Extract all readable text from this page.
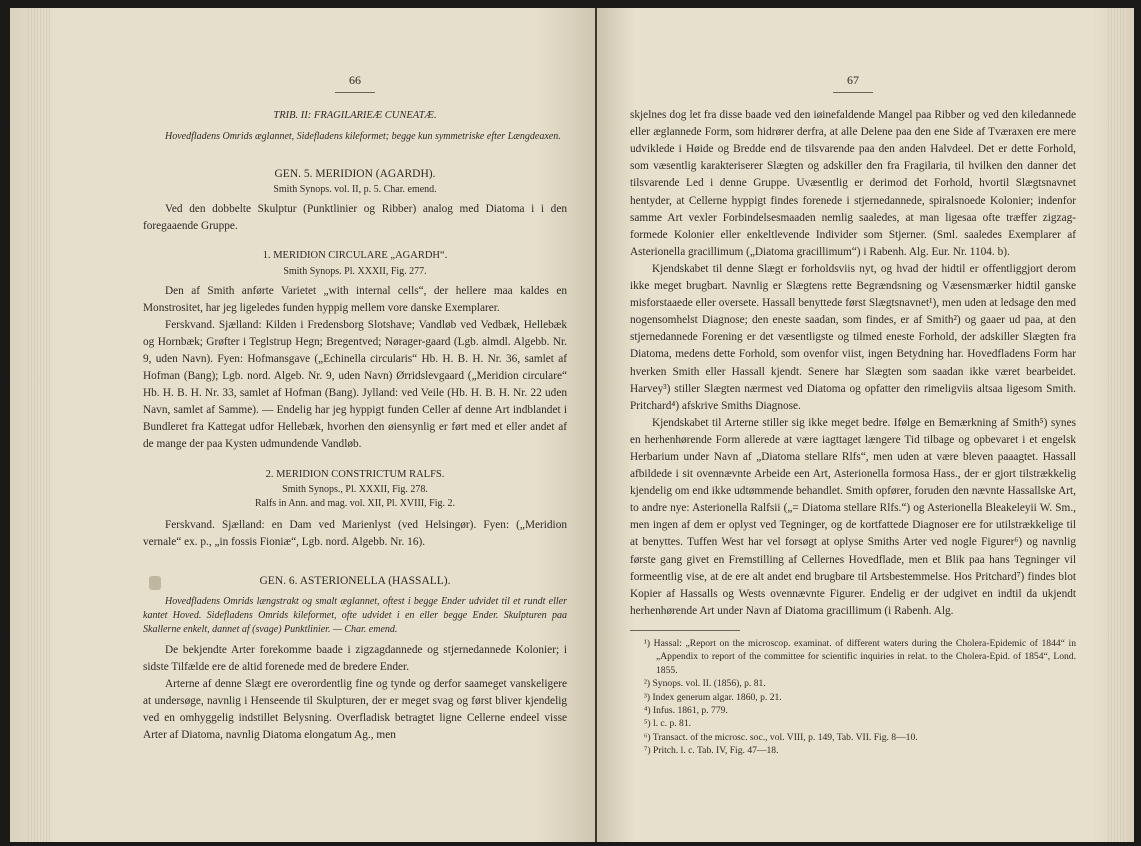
66
TRIB. II: FRAGILARIEÆ CUNEATÆ.

Hovedfladens Omrids æglannet, Sidefladens kileformet; begge kun symmetriske efter Længdeaxen.

GEN. 5. MERIDION (AGARDH).
Smith Synops. vol. II, p. 5. Char. emend.

Ved den dobbelte Skulptur (Punktlinier og Ribber) analog med Diatoma i i den foregaaende Gruppe.

1. MERIDION CIRCULARE „AGARDH“.
Smith Synops. Pl. XXXII, Fig. 277.

Den af Smith anførte Varietet „with internal cells“, der hellere maa kaldes en Monstrositet, har jeg ligeledes funden hyppig mellem vore danske Exemplarer.

Ferskvand. Sjælland: Kilden i Fredensborg Slotshave; Vandløb ved Vedbæk, Hellebæk og Hornbæk; Grøfter i Teglstrup Hegn; Bregentved; Nørager-gaard (Lgb. almdl. Algebb. Nr. 9, uden Navn). Fyen: Hofmansgave („Echinella circularis“ Hb. H. B. H. Nr. 36, samlet af Hofman (Bang); Lgb. nord. Algeb. Nr. 9, uden Navn) Ørridslevgaard („Meridion circulare“ Hb. H. B. H. Nr. 33, samlet af Hofman (Bang). Jylland: ved Veile (Hb. H. B. H. Nr. 22 uden Navn, samlet af Samme). — Endelig har jeg hyppigt funden Celler af denne Art indblandet i Bundleret fra Kattegat udfor Hellebæk, hvorhen den øiensynlig er ført med et eller andet af de mange der paa Kysten udmundende Vandløb.

2. MERIDION CONSTRICTUM RALFS.
Smith Synops., Pl. XXXII, Fig. 278.
Ralfs in Ann. and mag. vol. XII, Pl. XVIII, Fig. 2.

Ferskvand. Sjælland: en Dam ved Marienlyst (ved Helsingør). Fyen: („Meridion vernale“ ex. p., „in fossis Fioniæ“, Lgb. nord. Algebb. Nr. 16).

GEN. 6. ASTERIONELLA (HASSALL).

Hovedfladens Omrids længstrakt og smalt æglannet, oftest i begge Ender udvidet til et rundt eller kantet Hoved. Sidefladens Omrids kileformet, ofte udvidet i en eller begge Ender. Skulpturen paa Skallerne enkelt, dannet af (svage) Punktlinier. — Char. emend.

De bekjendte Arter forekomme baade i zigzagdannede og stjernedannede Kolonier; i sidste Tilfælde ere de altid forenede med de bredere Ender.

Arterne af denne Slægt ere overordentlig fine og tynde og derfor saameget vanskeligere at undersøge, navnlig i Henseende til Skulpturen, der er meget svag og først bliver kjendelig ved en omhyggelig indstillet Belysning. Overfladisk betragtet ligne Cellerne endeel visse Arter af Diatoma, navnlig Diatoma elongatum Ag., men

67

skjelnes dog let fra disse baade ved den iøinefaldende Mangel paa Ribber og ved den kiledannede eller æglannede Form, som hidrører derfra, at alle Delene paa den ene Side af Tværaxen ere mere udviklede i Høide og Bredde end de tilsvarende paa den anden Halvdeel. Det er dette Forhold, som væsentlig karakteriserer Slægten og adskiller den fra Fragilaria, til hvilken den danner det tilsvarende Led i denne Gruppe. Uvæsentlig er derimod det Forhold, hvortil Slægtsnavnet hentyder, at Cellerne hyppigt findes forenede i stjernedannede, spiralsnoede Kolonier; indenfor samme Art vexler Forbindelsesmaaden nemlig saaledes, at man ligesaa ofte træffer zigzag-formede Kolonier eller enkeltlevende Individer som Stjerner. (Sml. saaledes Exemplarer af Asterionella gracillimum („Diatoma gracillimum“) i Rabenh. Alg. Eur. Nr. 1104. b).

Kjendskabet til denne Slægt er forholdsviis nyt, og hvad der hidtil er offentliggjort derom ikke meget brugbart. Navnlig er Slægtens rette Begrændsning og Væsensmærker hidtil ganske misforstaaede eller oversete. Hassall benyttede først Slægtsnavnet¹), men uden at ledsage den med nogensomhelst Diagnose; den eneste saadan, som findes, er af Smith²) og gaaer ud paa, at den stjernedannede Forening er det væsentligste og tilmed eneste Forhold, der adskiller Slægten fra Diatoma, medens dette Forhold, som ovenfor viist, ingen Betydning har. Hovedfladens Form har hverken Smith eller Hassall kjendt. Senere har Slægten som saadan ikke været bearbeidet. Harvey³) stiller Slægten nærmest ved Diatoma og opfatter den rimeligviis altsaa ligesom Smith. Pritchard⁴) afskrive Smiths Diagnose.

Kjendskabet til Arterne stiller sig ikke meget bedre. Ifølge en Bemærkning af Smith⁵) synes en herhenhørende Form allerede at være iagttaget længere Tid tilbage og opbevaret i et engelsk Herbarium under Navn af „Diatoma stellare Rlfs“, men uden at være bleven paaagtet. Hassall afbildede i sit ovennævnte Arbeide een Art, Asterionella formosa Hass., der er gjort tilstrækkelig kjendelig om end ikke udtømmende behandlet. Smith opfører, foruden den nævnte Hassallske Art, to andre nye: Asterionella Ralfsii („= Diatoma stellare Rlfs.“) og Asterionella Bleakeleyii W. Sm., men ingen af dem er oplyst ved Tegninger, og de kortfattede Diagnoser ere for utilstrækkelige til at benyttes. Tuffen West har vel forsøgt at oplyse Smiths Arter ved nogle Figurer⁶) og navnlig første gang givet en Fremstilling af Cellernes Hovedflade, men et Blik paa hans Tegninger vil formeentlig vise, at de ere alt andet end brugbare til Artsbestemmelse. Hos Pritchard⁷) findes blot Kopier af Hassalls og Wests ovennævnte Figurer. Endelig er der udgivet en indtil da ukjendt herhenhørende Art under Navn af Diatoma gracillimum (i Rabenh. Alg.

¹) Hassal: „Report on the microscop. examinat. of different waters during the Cholera-Epidemic of 1844“ in „Appendix to report of the committee for scientific inquiries in relat. to the Cholera-Epid. of 1854“, Lond. 1855.

²) Synops. vol. II. (1856), p. 81.

³) Index generum algar. 1860, p. 21.

⁴) Infus. 1861, p. 779.

⁵) l. c. p. 81.

⁶) Transact. of the microsc. soc., vol. VIII, p. 149, Tab. VII. Fig. 8—10.

⁷) Pritch. l. c. Tab. IV, Fig. 47—18.
